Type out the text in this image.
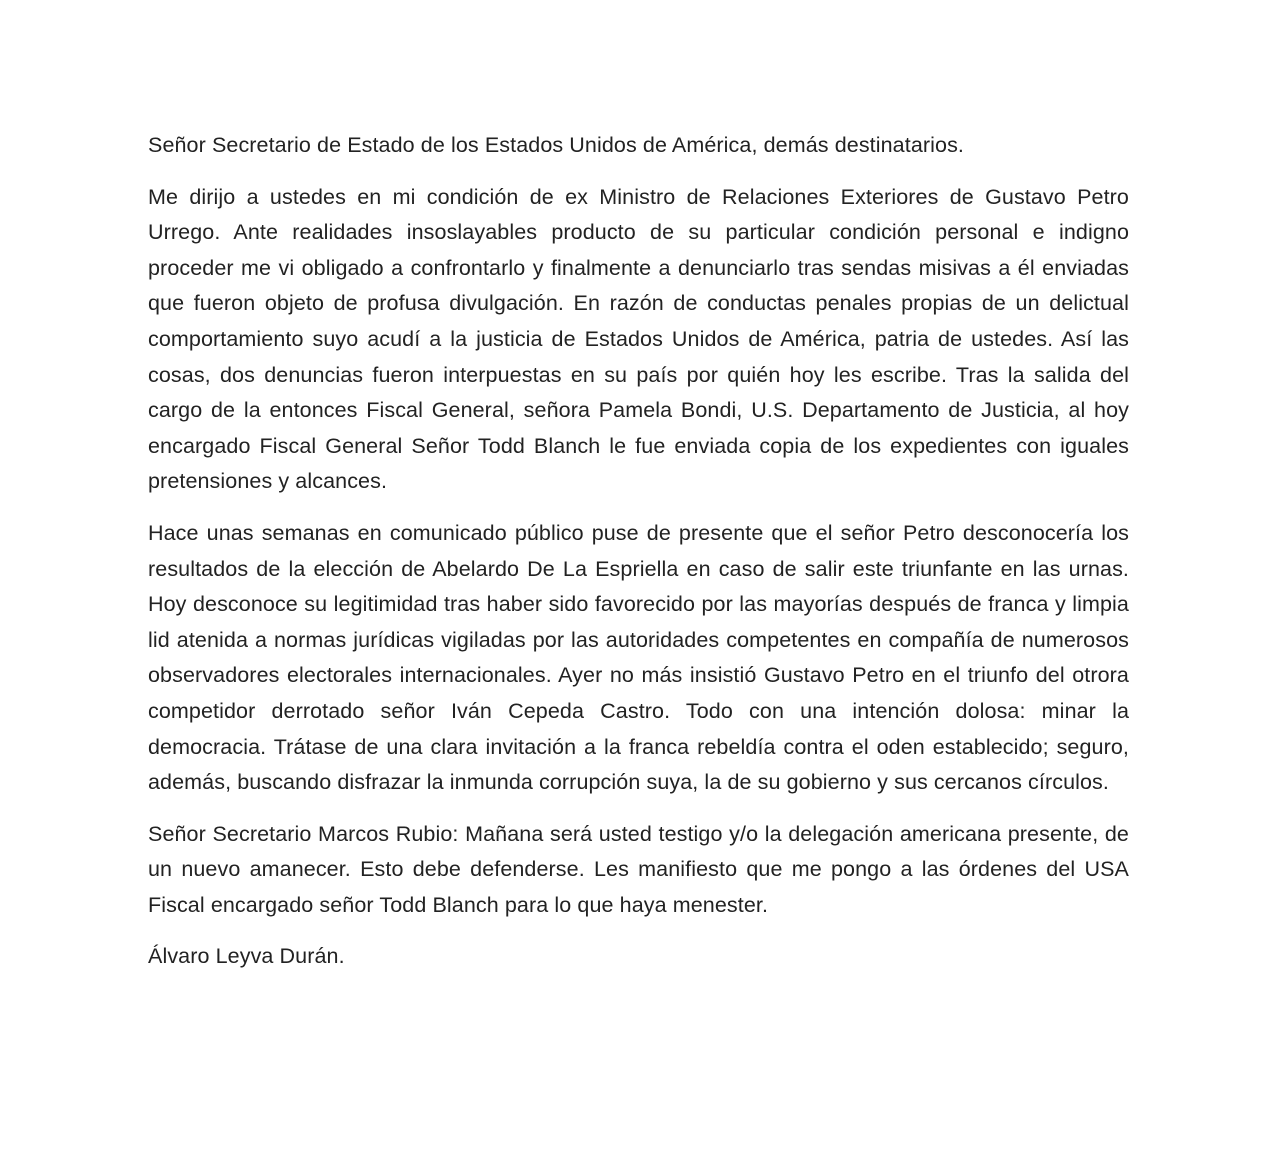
Señor Secretario de Estado de los Estados Unidos de América, demás destinatarios.

Me dirijo a ustedes en mi condición de ex Ministro de Relaciones Exteriores de Gustavo Petro Urrego. Ante realidades insoslayables producto de su particular condición personal e indigno proceder me vi obligado a confrontarlo y finalmente a denunciarlo tras sendas misivas a él enviadas que fueron objeto de profusa divulgación. En razón de conductas penales propias de un delictual comportamiento suyo acudí a la justicia de Estados Unidos de América, patria de ustedes. Así las cosas, dos denuncias fueron interpuestas en su país por quién hoy les escribe. Tras la salida del cargo de la entonces Fiscal General, señora Pamela Bondi, U.S. Departamento de Justicia, al hoy encargado Fiscal General Señor Todd Blanch le fue enviada copia de los expedientes con iguales pretensiones y alcances.

Hace unas semanas en comunicado público puse de presente que el señor Petro desconocería los resultados de la elección de Abelardo De La Espriella en caso de salir este triunfante en las urnas. Hoy desconoce su legitimidad tras haber sido favorecido por las mayorías después de franca y limpia lid atenida a normas jurídicas vigiladas por las autoridades competentes en compañía de numerosos observadores electorales internacionales. Ayer no más insistió Gustavo Petro en el triunfo del otrora competidor derrotado señor Iván Cepeda Castro. Todo con una intención dolosa: minar la democracia. Trátase de una clara invitación a la franca rebeldía contra el oden establecido; seguro, además, buscando disfrazar la inmunda corrupción suya, la de su gobierno y sus cercanos círculos.

Señor Secretario Marcos Rubio: Mañana será usted testigo y/o la delegación americana presente, de un nuevo amanecer. Esto debe defenderse. Les manifiesto que me pongo a las órdenes del USA Fiscal encargado señor Todd Blanch para lo que haya menester.

Álvaro Leyva Durán.
